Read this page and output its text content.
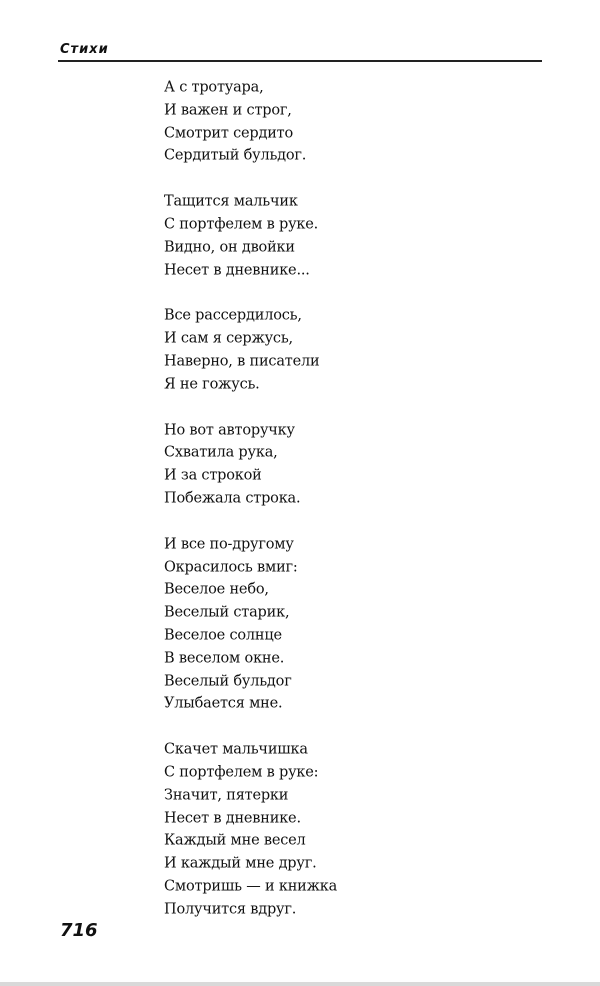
Стихи
А с тротуара,
И важен и строг,
Смотрит сердито
Сердитый бульдог.
Тащится мальчик
С портфелем в руке.
Видно, он двойки
Несет в дневнике...
Все рассердилось,
И сам я сержусь,
Наверно, в писатели
Я не гожусь.
Но вот авторучку
Схватила рука,
И за строкой
Побежала строка.
И все по-другому
Окрасилось вмиг:
Веселое небо,
Веселый старик,
Веселое солнце
В веселом окне.
Веселый бульдог
Улыбается мне.
Скачет мальчишка
С портфелем в руке:
Значит, пятерки
Несет в дневнике.
Каждый мне весел
И каждый мне друг.
Смотришь — и книжка
Получится вдруг.
716
